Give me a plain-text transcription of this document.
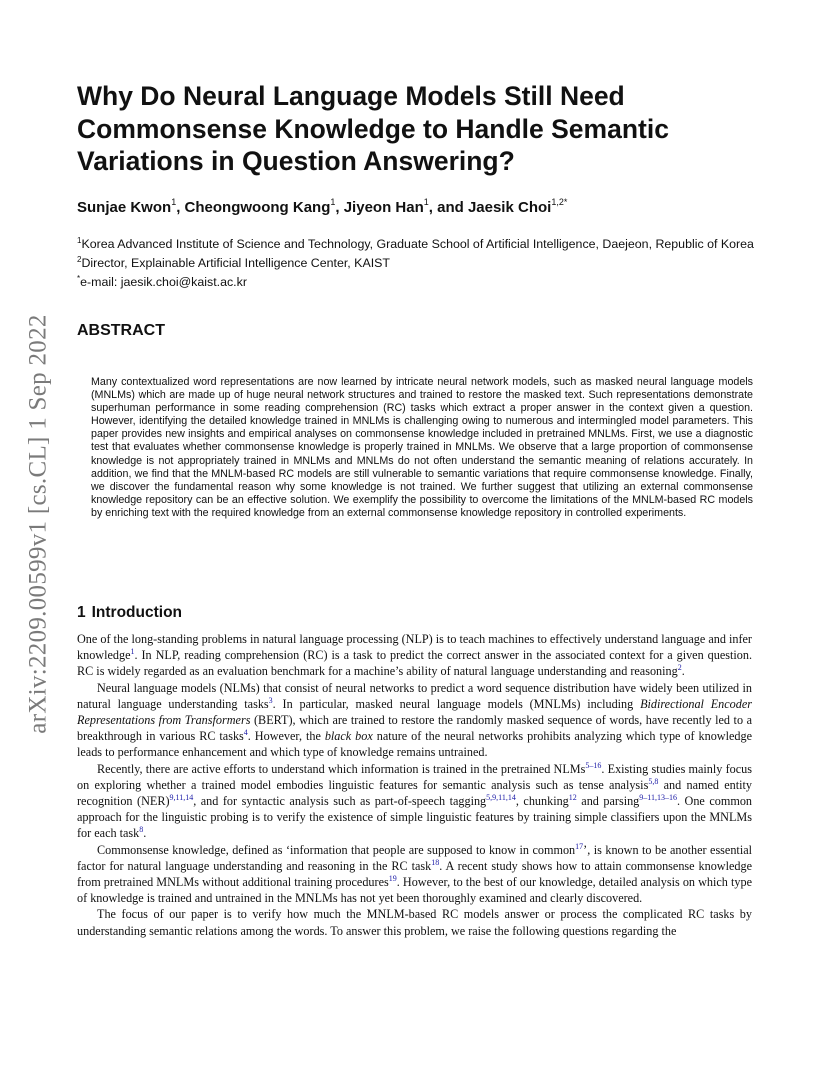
arXiv:2209.00599v1 [cs.CL] 1 Sep 2022
Why Do Neural Language Models Still Need Commonsense Knowledge to Handle Semantic Variations in Question Answering?
Sunjae Kwon$^1$, Cheongwoong Kang$^1$, Jiyeon Han$^1$, and Jaesik Choi$^{1,2*}$

$^1$Korea Advanced Institute of Science and Technology, Graduate School of Artificial Intelligence, Daejeon, Republic of Korea

$^2$Director, Explainable Artificial Intelligence Center, KAIST

*e-mail: jaesik.choi@kaist.ac.kr

ABSTRACT

Many contextualized word representations are now learned by intricate neural network models, such as masked neural language models (MNLMs) which are made up of huge neural network structures and trained to restore the masked text. Such representations demonstrate superhuman performance in some reading comprehension (RC) tasks which extract a proper answer in the context given a question. However, identifying the detailed knowledge trained in MNLMs is challenging owing to numerous and intermingled model parameters. This paper provides new insights and empirical analyses on commonsense knowledge included in pretrained MNLMs. First, we use a diagnostic test that evaluates whether commonsense knowledge is properly trained in MNLMs. We observe that a large proportion of commonsense knowledge is not appropriately trained in MNLMs and MNLMs do not often understand the semantic meaning of relations accurately. In addition, we find that the MNLM-based RC models are still vulnerable to semantic variations that require commonsense knowledge. Finally, we discover the fundamental reason why some knowledge is not trained. We further suggest that utilizing an external commonsense knowledge repository can be an effective solution. We exemplify the possibility to overcome the limitations of the MNLM-based RC models by enriching text with the required knowledge from an external commonsense knowledge repository in controlled experiments.

1 Introduction

One of the long-standing problems in natural language processing (NLP) is to teach machines to effectively understand language and infer knowledge$^1$. In NLP, reading comprehension (RC) is a task to predict the correct answer in the associated context for a given question. RC is widely regarded as an evaluation benchmark for a machine’s ability of natural language understanding and reasoning$^2$.

Neural language models (NLMs) that consist of neural networks to predict a word sequence distribution have widely been utilized in natural language understanding tasks$^3$. In particular, masked neural language models (MNLMs) including Bidirectional Encoder Representations from Transformers (BERT), which are trained to restore the randomly masked sequence of words, have recently led to a breakthrough in various RC tasks$^4$. However, the black box nature of the neural networks prohibits analyzing which type of knowledge leads to performance enhancement and which type of knowledge remains untrained.

Recently, there are active efforts to understand which information is trained in the pretrained NLMs$^{5-16}$. Existing studies mainly focus on exploring whether a trained model embodies linguistic features for semantic analysis such as tense analysis$^{5,8}$ and named entity recognition (NER)$^{9,11,14}$, and for syntactic analysis such as part-of-speech tagging$^{5,9,11,14}$, chunking$^{12}$ and parsing$^{9-11,13-16}$. One common approach for the linguistic probing is to verify the existence of simple linguistic features by training simple classifiers upon the MNLMs for each task$^8$.

Commonsense knowledge, defined as ‘information that people are supposed to know in common$^{17}$’, is known to be another essential factor for natural language understanding and reasoning in the RC task$^{18}$. A recent study shows how to attain commonsense knowledge from pretrained MNLMs without additional training procedures$^{19}$. However, to the best of our knowledge, detailed analysis on which type of knowledge is trained and untrained in the MNLMs has not yet been thoroughly examined and clearly discovered.

The focus of our paper is to verify how much the MNLM-based RC models answer or process the complicated RC tasks by understanding semantic relations among the words. To answer this problem, we raise the following questions regarding the
